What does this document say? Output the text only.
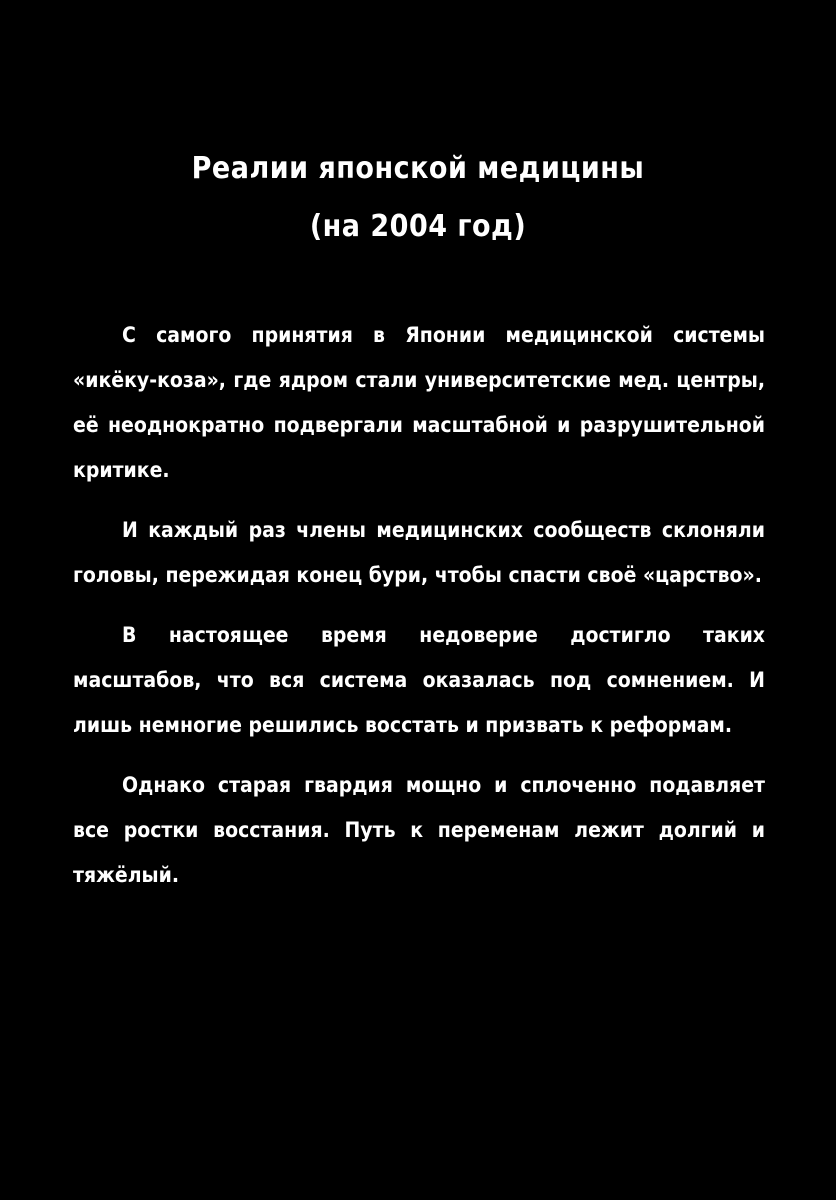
Реалии японской медицины
(на 2004 год)

С самого принятия в Японии медицинской системы «икёку-коза», где ядром стали университетские мед. центры, её неоднократно подвергали масштабной и разрушительной критике.

И каждый раз члены медицинских сообществ склоняли головы, пережидая конец бури, чтобы спасти своё «царство».

В настоящее время недоверие достигло таких масштабов, что вся система оказалась под сомнением. И лишь немногие решились восстать и призвать к реформам.

Однако старая гвардия мощно и сплоченно подавляет все ростки восстания. Путь к переменам лежит долгий и тяжёлый.
